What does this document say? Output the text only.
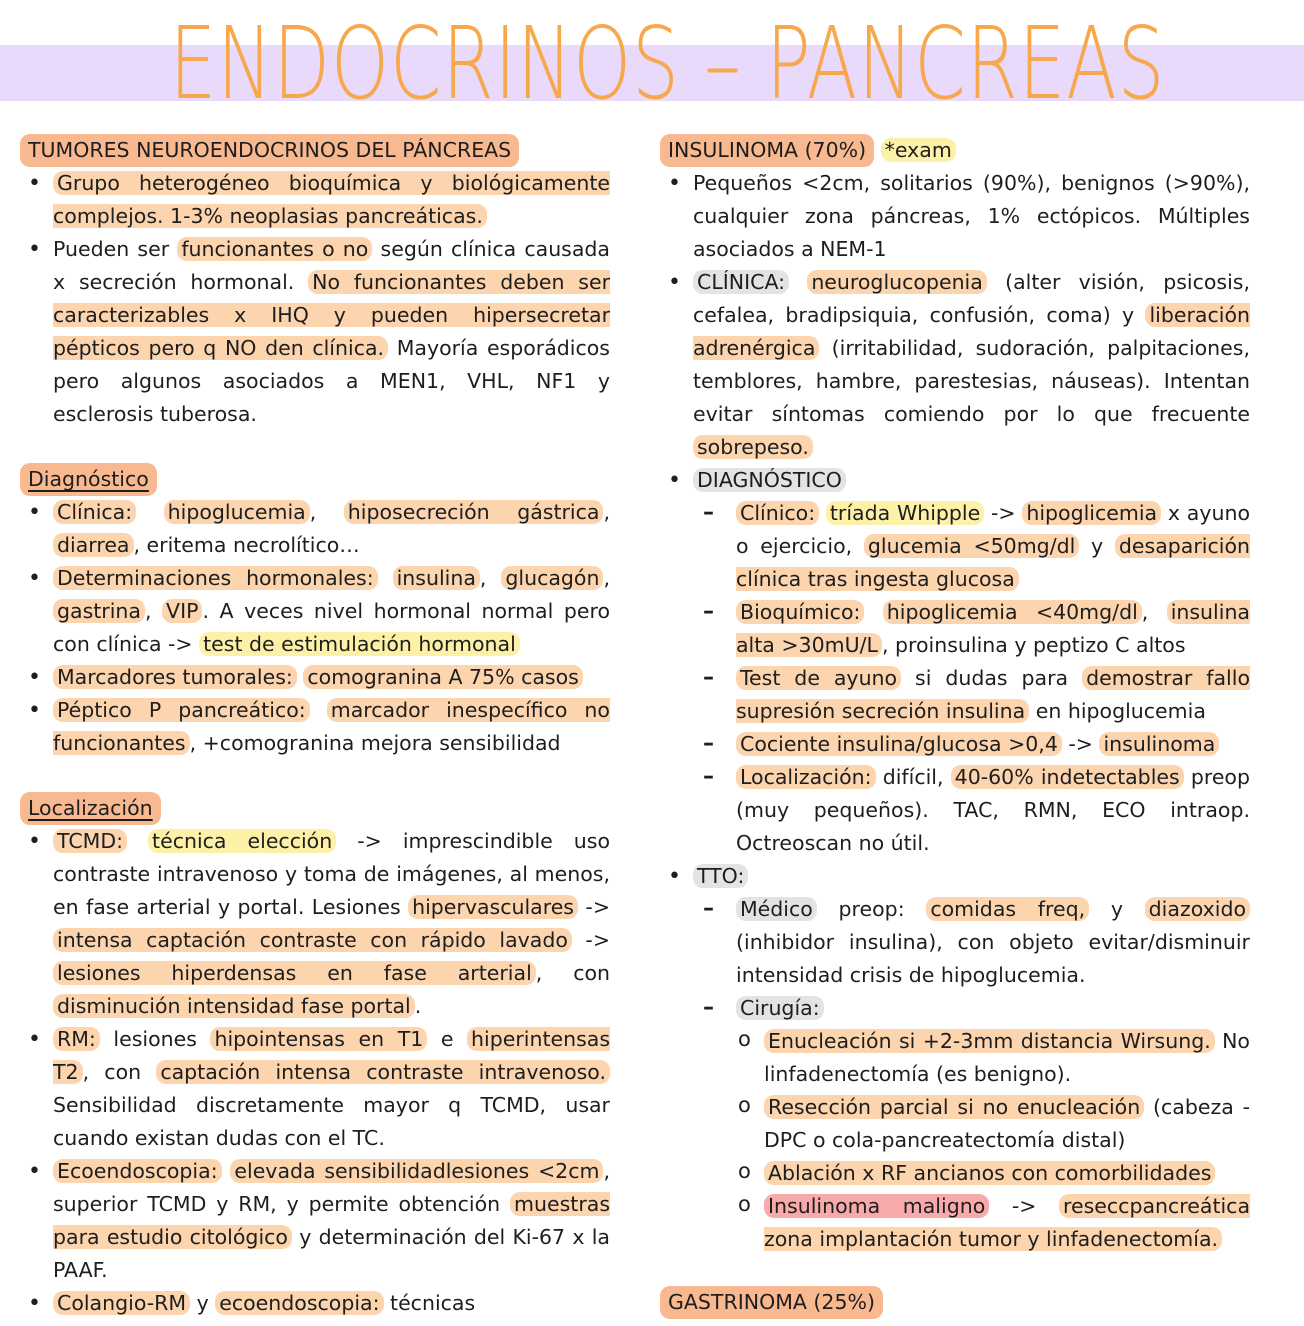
ENDOCRINOS – PANCREAS
TUMORES NEUROENDOCRINOS DEL PÁNCREAS
• Grupo heterogéneo bioquímica y biológicamente complejos. 1-3% neoplasias pancreáticas.
• Pueden ser funcionantes o no según clínica causada x secreción hormonal. No funcionantes deben ser caracterizables x IHQ y pueden hipersecretar pépticos pero q NO den clínica. Mayoría esporádicos pero algunos asociados a MEN1, VHL, NF1 y esclerosis tuberosa.
Diagnóstico
• Clínica: hipoglucemia , hiposecreción gástrica , diarrea , eritema necrolítico…
• Determinaciones hormonales: insulina , glucagón , gastrina , VIP . A veces nivel hormonal normal pero con clínica -> test de estimulación hormonal
• Marcadores tumorales: comogranina A 75% casos
• Péptico P pancreático: marcador inespecífico no funcionantes , +comogranina mejora sensibilidad
Localización
• TCMD: técnica elección -> imprescindible uso contraste intravenoso y toma de imágenes, al menos, en fase arterial y portal. Lesiones hipervasculares -> intensa captación contraste con rápido lavado -> lesiones hiperdensas en fase arterial , con disminución intensidad fase portal .
• RM: lesiones hipointensas en T1 e hiperintensas T2 , con captación intensa contraste intravenoso. Sensibilidad discretamente mayor q TCMD, usar cuando existan dudas con el TC.
• Ecoendoscopia: elevada sensibilidadlesiones <2cm , superior TCMD y RM, y permite obtención muestras para estudio citológico y determinación del Ki-67 x la PAAF.
• Colangio-RM y ecoendoscopia: técnicas
INSULINOMA (70%) *exam
• Pequeños <2cm, solitarios (90%), benignos (>90%), cualquier zona páncreas, 1% ectópicos. Múltiples asociados a NEM-1
• CLÍNICA: neuroglucopenia (alter visión, psicosis, cefalea, bradipsiquia, confusión, coma) y liberación adrenérgica (irritabilidad, sudoración, palpitaciones, temblores, hambre, parestesias, náuseas). Intentan evitar síntomas comiendo por lo que frecuente sobrepeso.
• DIAGNÓSTICO
– Clínico: tríada Whipple -> hipoglicemia x ayuno o ejercicio, glucemia <50mg/dl y desaparición clínica tras ingesta glucosa
– Bioquímico: hipoglicemia <40mg/dl , insulina alta >30mU/L , proinsulina y peptizo C altos
– Test de ayuno si dudas para demostrar fallo supresión secreción insulina en hipoglucemia
– Cociente insulina/glucosa >0,4 -> insulinoma
– Localización: difícil, 40-60% indetectables preop (muy pequeños). TAC, RMN, ECO intraop. Octreoscan no útil.
• TTO:
– Médico preop: comidas freq, y diazoxido (inhibidor insulina), con objeto evitar/disminuir intensidad crisis de hipoglucemia.
– Cirugía:
o Enucleación si +2-3mm distancia Wirsung. No linfadenectomía (es benigno).
o Resección parcial si no enucleación (cabeza -DPC o cola-pancreatectomía distal)
o Ablación x RF ancianos con comorbilidades
o Insulinoma maligno -> reseccpancreática zona implantación tumor y linfadenectomía.
GASTRINOMA (25%)
